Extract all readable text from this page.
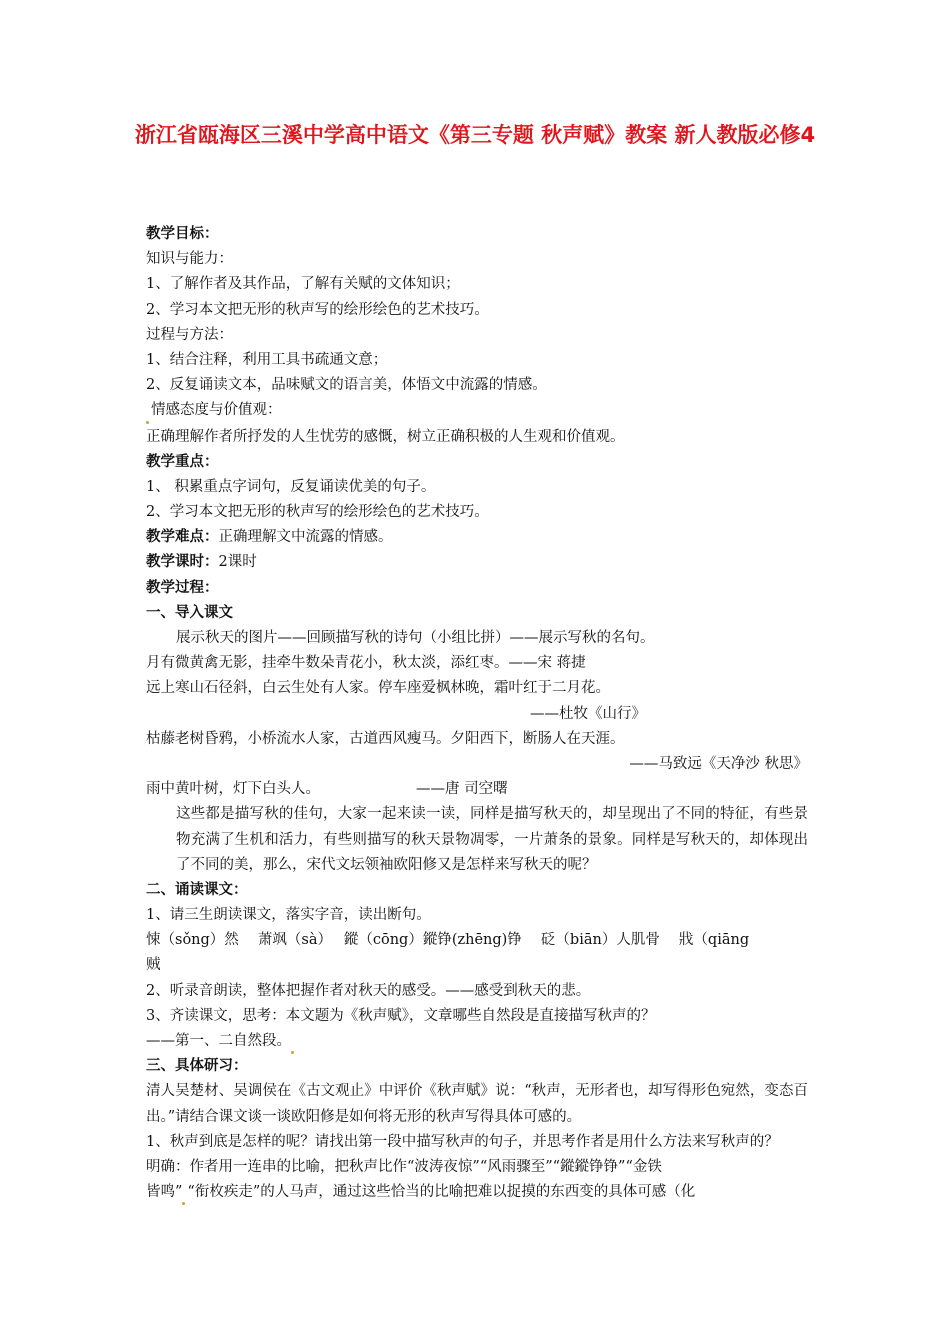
浙江省瓯海区三溪中学高中语文《第三专题 秋声赋》教案 新人教版必修4
教学目标：
知识与能力：
1、了解作者及其作品，了解有关赋的文体知识；
2、学习本文把无形的秋声写的绘形绘色的艺术技巧。
过程与方法：
1、结合注释，利用工具书疏通文意；
2、反复诵读文本，品味赋文的语言美，体悟文中流露的情感。
情感态度与价值观：
正确理解作者所抒发的人生忧劳的感慨，树立正确积极的人生观和价值观。
教学重点：
1、 积累重点字词句，反复诵读优美的句子。
2、学习本文把无形的秋声写的绘形绘色的艺术技巧。
教学难点：正确理解文中流露的情感。
教学课时：2课时
教学过程：
一、导入课文
展示秋天的图片——回顾描写秋的诗句（小组比拼）——展示写秋的名句。
月有微黄禽无影，挂牵牛数朵青花小，秋太淡，添红枣。——宋 蒋捷
远上寒山石径斜，白云生处有人家。停车座爱枫林晚，霜叶红于二月花。
——杜牧《山行》
枯藤老树昏鸦，小桥流水人家，古道西风瘦马。夕阳西下，断肠人在天涯。
——马致远《天净沙 秋思》
雨中黄叶树，灯下白头人。	——唐 司空曙
这些都是描写秋的佳句，大家一起来读一读，同样是描写秋天的，却呈现出了不同的特征，有些景物充满了生机和活力，有些则描写的秋天景物凋零，一片萧条的景象。同样是写秋天的，却体现出了不同的美，那么，宋代文坛领袖欧阳修又是怎样来写秋天的呢？
二、诵读课文：
1、请三生朗读课文，落实字音，读出断句。
悚（sǒng）然　 萧飒（sà）　 鏦（cōng）鏦铮(zhēng)铮　 砭（biān）人肌骨　 戕（qiāng
贼
2、听录音朗读，整体把握作者对秋天的感受。——感受到秋天的悲。
3、齐读课文，思考：本文题为《秋声赋》，文章哪些自然段是直接描写秋声的？
——第一、二自然段。
三、具体研习：
清人吴楚材、吴调侯在《古文观止》中评价《秋声赋》说：“秋声，无形者也，却写得形色宛然，变态百出。”请结合课文谈一谈欧阳修是如何将无形的秋声写得具体可感的。
1、秋声到底是怎样的呢？请找出第一段中描写秋声的句子，并思考作者是用什么方法来写秋声的？
明确：作者用一连串的比喻，把秋声比作“波涛夜惊”“风雨骤至”“鏦鏦铮铮”“金铁
皆鸣” “衔枚疾走”的人马声，通过这些恰当的比喻把难以捉摸的东西变的具体可感（化
